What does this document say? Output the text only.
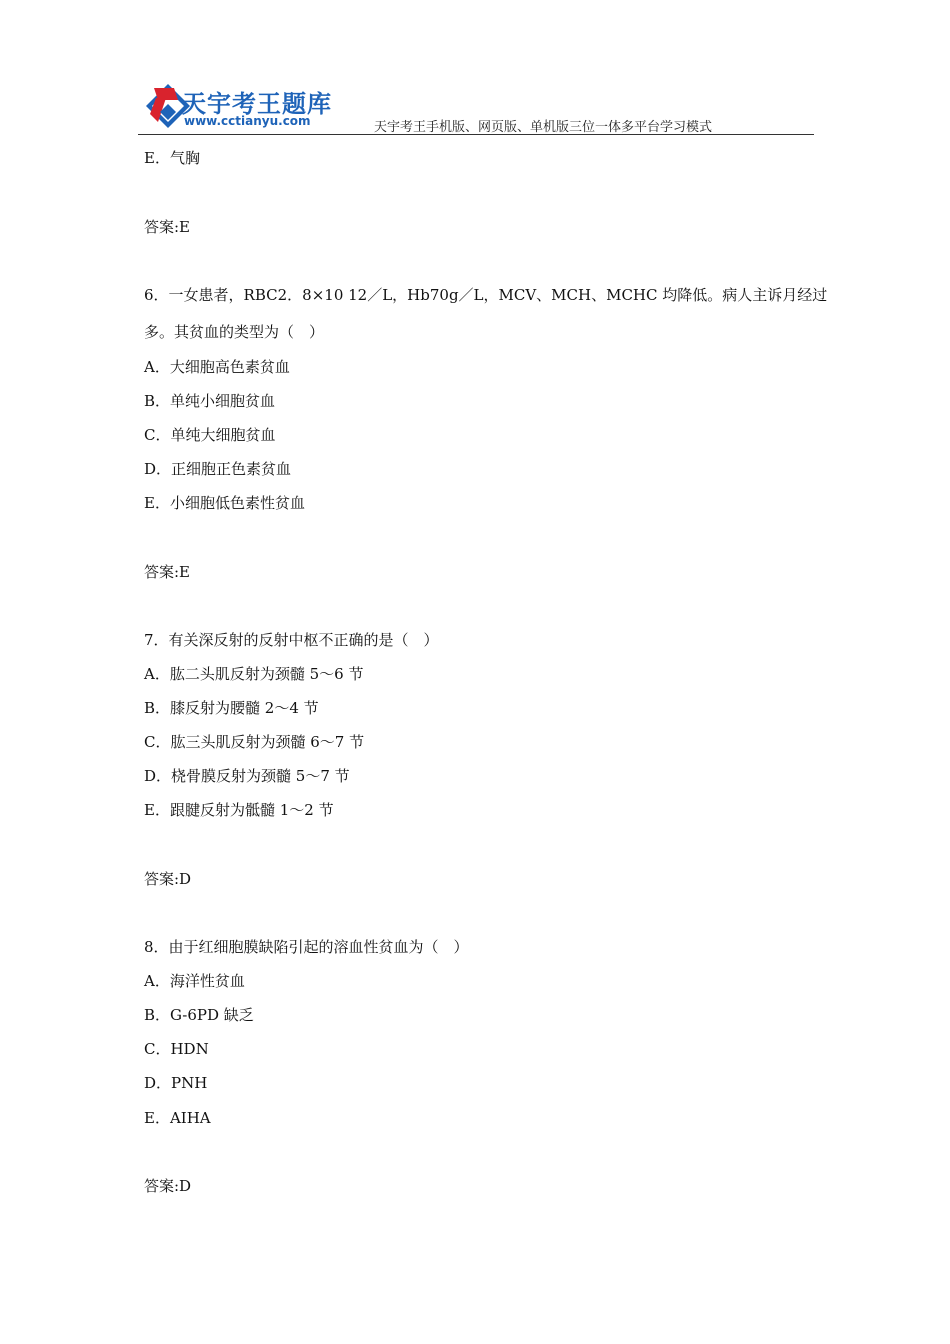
天宇考王题库
www.cctianyu.com	天宇考王手机版、网页版、单机版三位一体多平台学习模式
E．气胸
答案:E
6．一女患者，RBC2．8×10 12／L，Hb70g／L，MCV、MCH、MCHC 均降低。病人主诉月经过
多。其贫血的类型为（　）
A．大细胞高色素贫血
B．单纯小细胞贫血
C．单纯大细胞贫血
D．正细胞正色素贫血
E．小细胞低色素性贫血
答案:E
7．有关深反射的反射中枢不正确的是（　）
A．肱二头肌反射为颈髓 5～6 节
B．膝反射为腰髓 2～4 节
C．肱三头肌反射为颈髓 6～7 节
D．桡骨膜反射为颈髓 5～7 节
E．跟腱反射为骶髓 1～2 节
答案:D
8．由于红细胞膜缺陷引起的溶血性贫血为（　）
A．海洋性贫血
B．G-6PD 缺乏
C．HDN
D．PNH
E．AIHA
答案:D
